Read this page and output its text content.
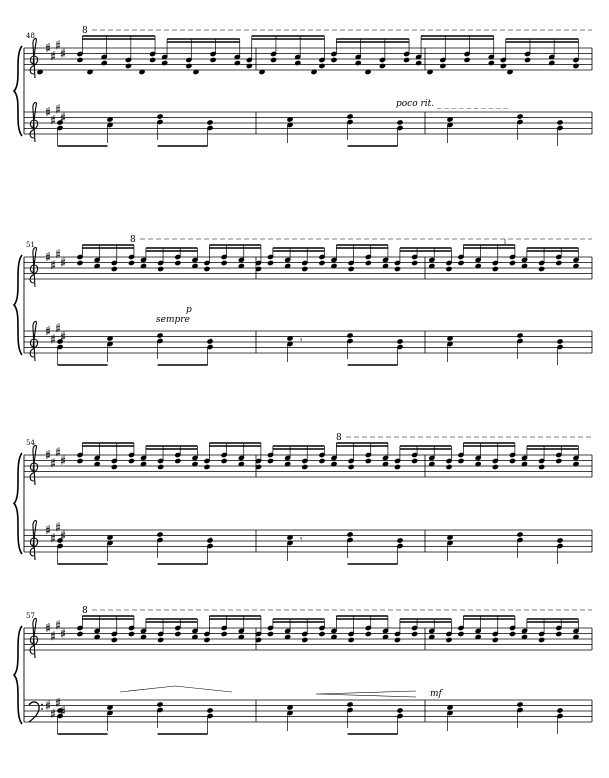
48	8
poco rit. _ _ _ _ _ _ _ _ _ _
𝄾	𝄾
51	8
sempre
p
𝄾	𝄾
54	8
57	8
mf
